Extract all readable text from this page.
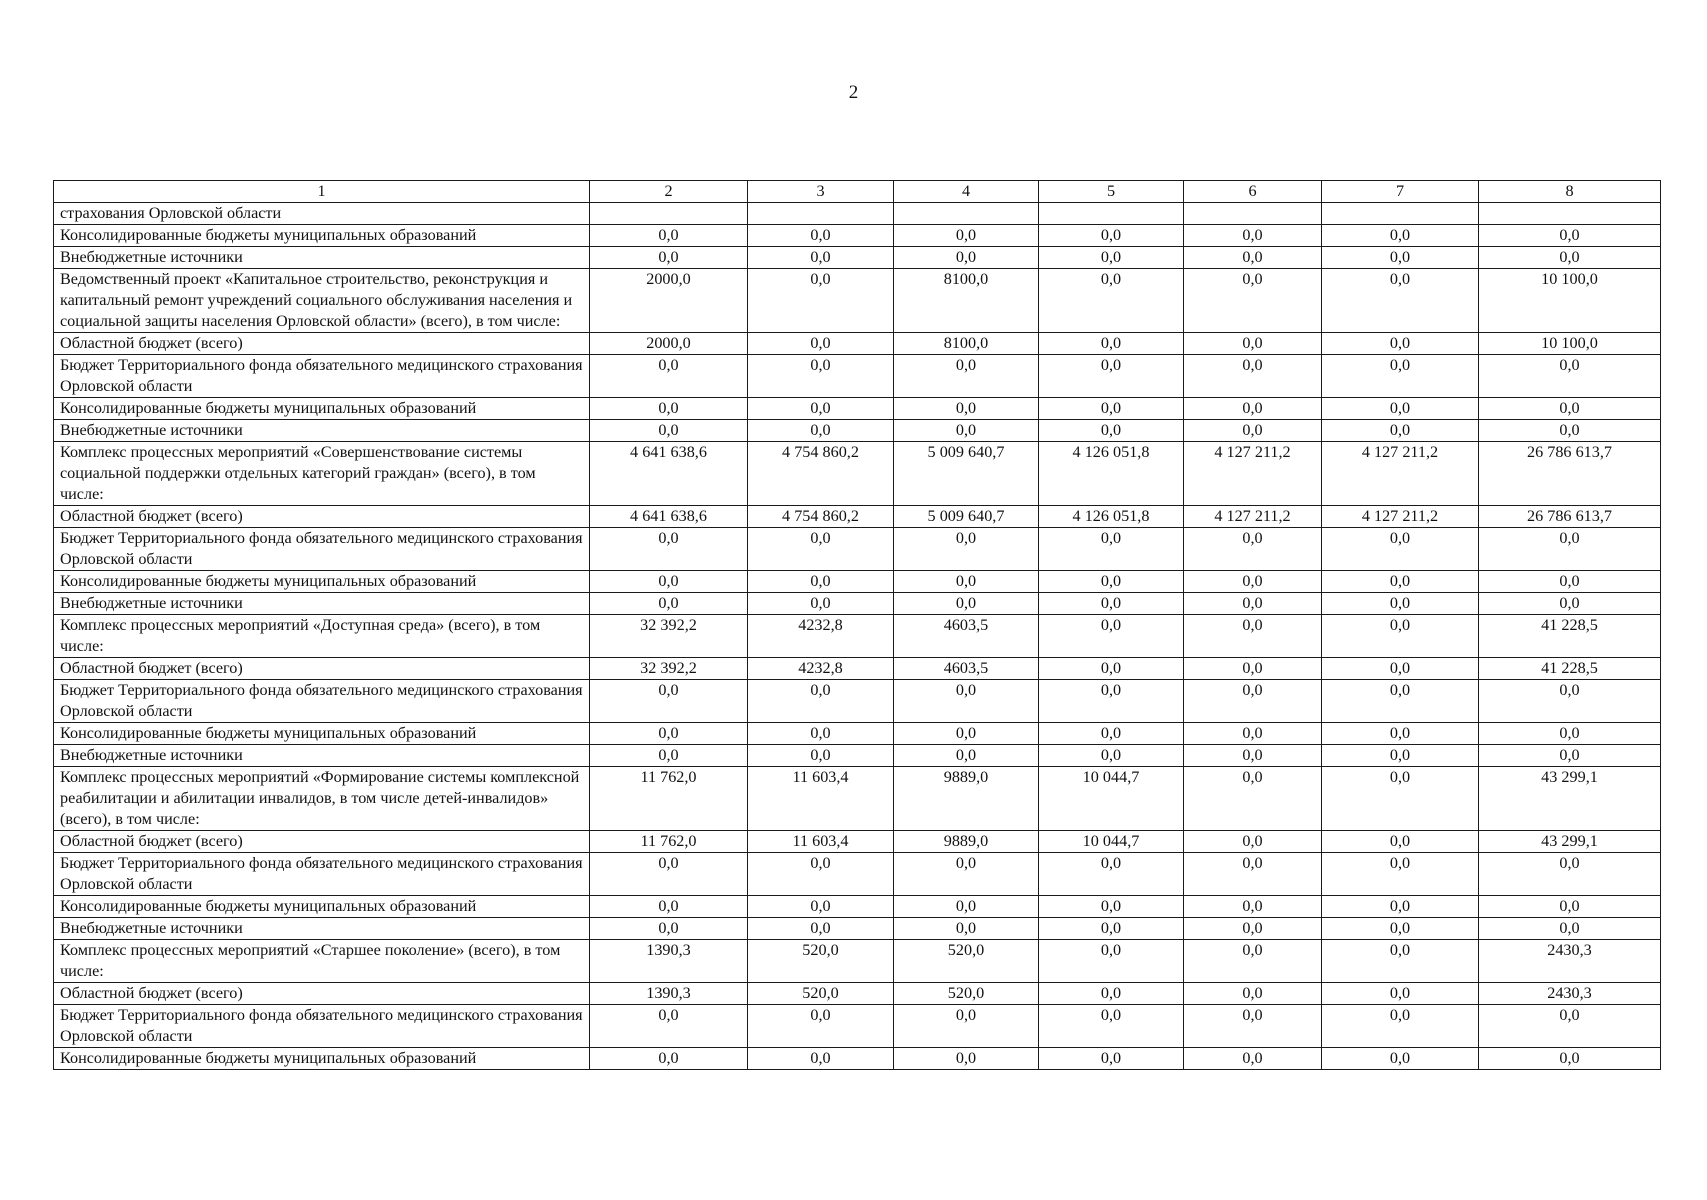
2
1	2	3	4	5	6	7	8
страхования Орловской области							
Консолидированные бюджеты муниципальных образований	0,0	0,0	0,0	0,0	0,0	0,0	0,0
Внебюджетные источники	0,0	0,0	0,0	0,0	0,0	0,0	0,0
Ведомственный проект «Капитальное строительство, реконструкция и капитальный ремонт учреждений социального обслуживания населения и социальной защиты населения Орловской области» (всего), в том числе:	2000,0	0,0	8100,0	0,0	0,0	0,0	10 100,0
Областной бюджет (всего)	2000,0	0,0	8100,0	0,0	0,0	0,0	10 100,0
Бюджет Территориального фонда обязательного медицинского страхования Орловской области	0,0	0,0	0,0	0,0	0,0	0,0	0,0
Консолидированные бюджеты муниципальных образований	0,0	0,0	0,0	0,0	0,0	0,0	0,0
Внебюджетные источники	0,0	0,0	0,0	0,0	0,0	0,0	0,0
Комплекс процессных мероприятий «Совершенствование системы социальной поддержки отдельных категорий граждан» (всего), в том числе:	4 641 638,6	4 754 860,2	5 009 640,7	4 126 051,8	4 127 211,2	4 127 211,2	26 786 613,7
Областной бюджет (всего)	4 641 638,6	4 754 860,2	5 009 640,7	4 126 051,8	4 127 211,2	4 127 211,2	26 786 613,7
Бюджет Территориального фонда обязательного медицинского страхования Орловской области	0,0	0,0	0,0	0,0	0,0	0,0	0,0
Консолидированные бюджеты муниципальных образований	0,0	0,0	0,0	0,0	0,0	0,0	0,0
Внебюджетные источники	0,0	0,0	0,0	0,0	0,0	0,0	0,0
Комплекс процессных мероприятий «Доступная среда» (всего), в том числе:	32 392,2	4232,8	4603,5	0,0	0,0	0,0	41 228,5
Областной бюджет (всего)	32 392,2	4232,8	4603,5	0,0	0,0	0,0	41 228,5
Бюджет Территориального фонда обязательного медицинского страхования Орловской области	0,0	0,0	0,0	0,0	0,0	0,0	0,0
Консолидированные бюджеты муниципальных образований	0,0	0,0	0,0	0,0	0,0	0,0	0,0
Внебюджетные источники	0,0	0,0	0,0	0,0	0,0	0,0	0,0
Комплекс процессных мероприятий «Формирование системы комплексной реабилитации и абилитации инвалидов, в том числе детей-инвалидов» (всего), в том числе:	11 762,0	11 603,4	9889,0	10 044,7	0,0	0,0	43 299,1
Областной бюджет (всего)	11 762,0	11 603,4	9889,0	10 044,7	0,0	0,0	43 299,1
Бюджет Территориального фонда обязательного медицинского страхования Орловской области	0,0	0,0	0,0	0,0	0,0	0,0	0,0
Консолидированные бюджеты муниципальных образований	0,0	0,0	0,0	0,0	0,0	0,0	0,0
Внебюджетные источники	0,0	0,0	0,0	0,0	0,0	0,0	0,0
Комплекс процессных мероприятий «Старшее поколение» (всего), в том числе:	1390,3	520,0	520,0	0,0	0,0	0,0	2430,3
Областной бюджет (всего)	1390,3	520,0	520,0	0,0	0,0	0,0	2430,3
Бюджет Территориального фонда обязательного медицинского страхования Орловской области	0,0	0,0	0,0	0,0	0,0	0,0	0,0
Консолидированные бюджеты муниципальных образований	0,0	0,0	0,0	0,0	0,0	0,0	0,0
